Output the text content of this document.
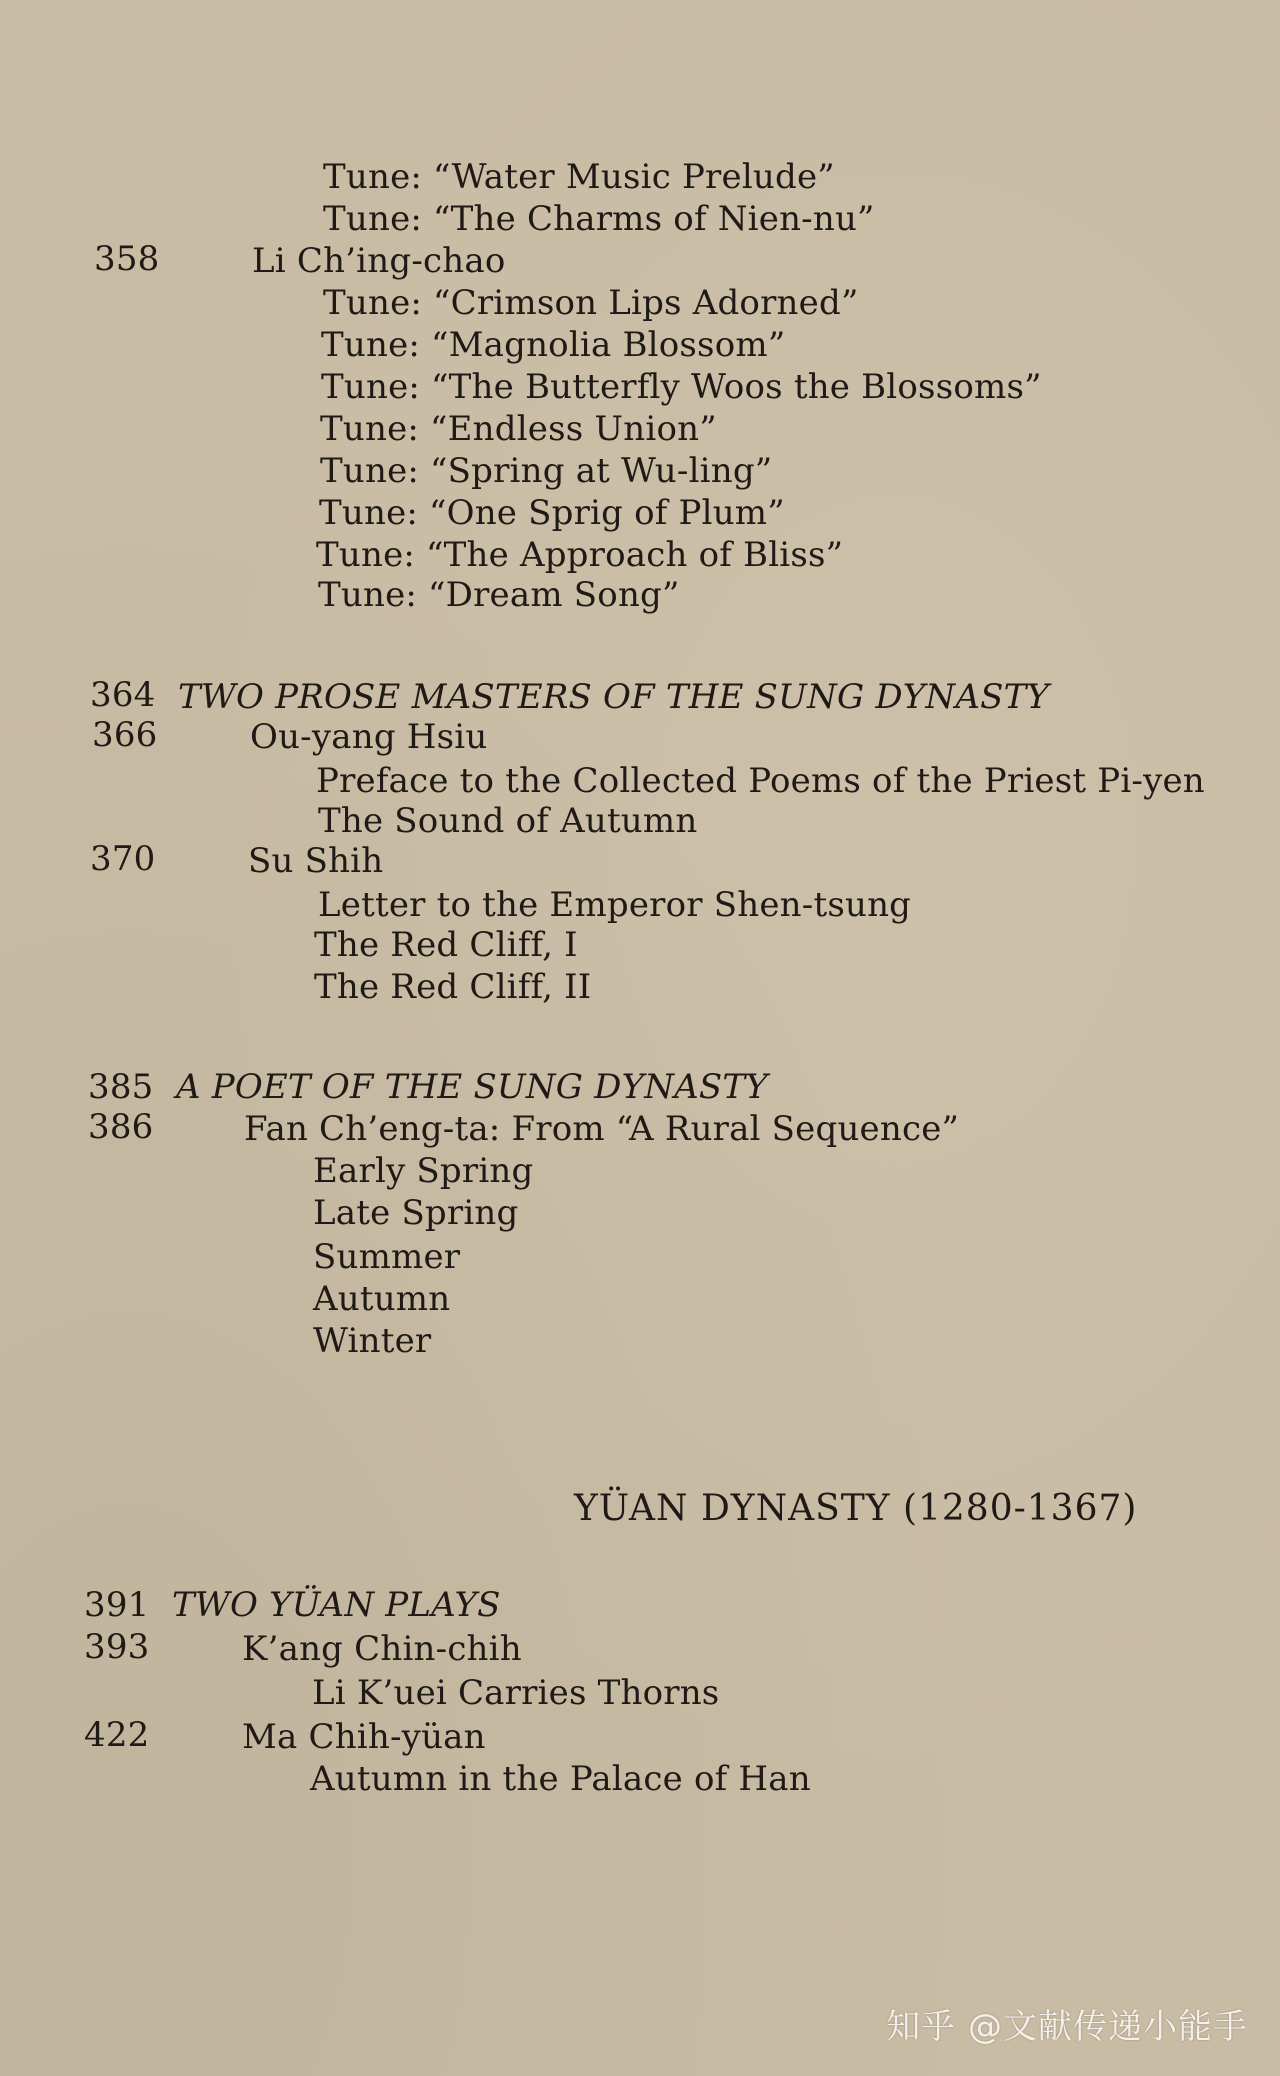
Tune: “Water Music Prelude”
Tune: “The Charms of Nien-nu”
358	Li Ch’ing-chao
Tune: “Crimson Lips Adorned”
Tune: “Magnolia Blossom”
Tune: “The Butterfly Woos the Blossoms”
Tune: “Endless Union”
Tune: “Spring at Wu-ling”
Tune: “One Sprig of Plum”
Tune: “The Approach of Bliss”
Tune: “Dream Song”
364 TWO PROSE MASTERS OF THE SUNG DYNASTY
366	Ou-yang Hsiu
Preface to the Collected Poems of the Priest Pi-yen
The Sound of Autumn
370	Su Shih
Letter to the Emperor Shen-tsung
The Red Cliff, I
The Red Cliff, II
385 A POET OF THE SUNG DYNASTY
386	Fan Ch’eng-ta: From “A Rural Sequence”
Early Spring
Late Spring
Summer
Autumn
Winter
YÜAN DYNASTY (1280-1367)
391 TWO YÜAN PLAYS
393	K’ang Chin-chih
Li K’uei Carries Thorns
422	Ma Chih-yüan
Autumn in the Palace of Han
知乎 @文献传递小能手
